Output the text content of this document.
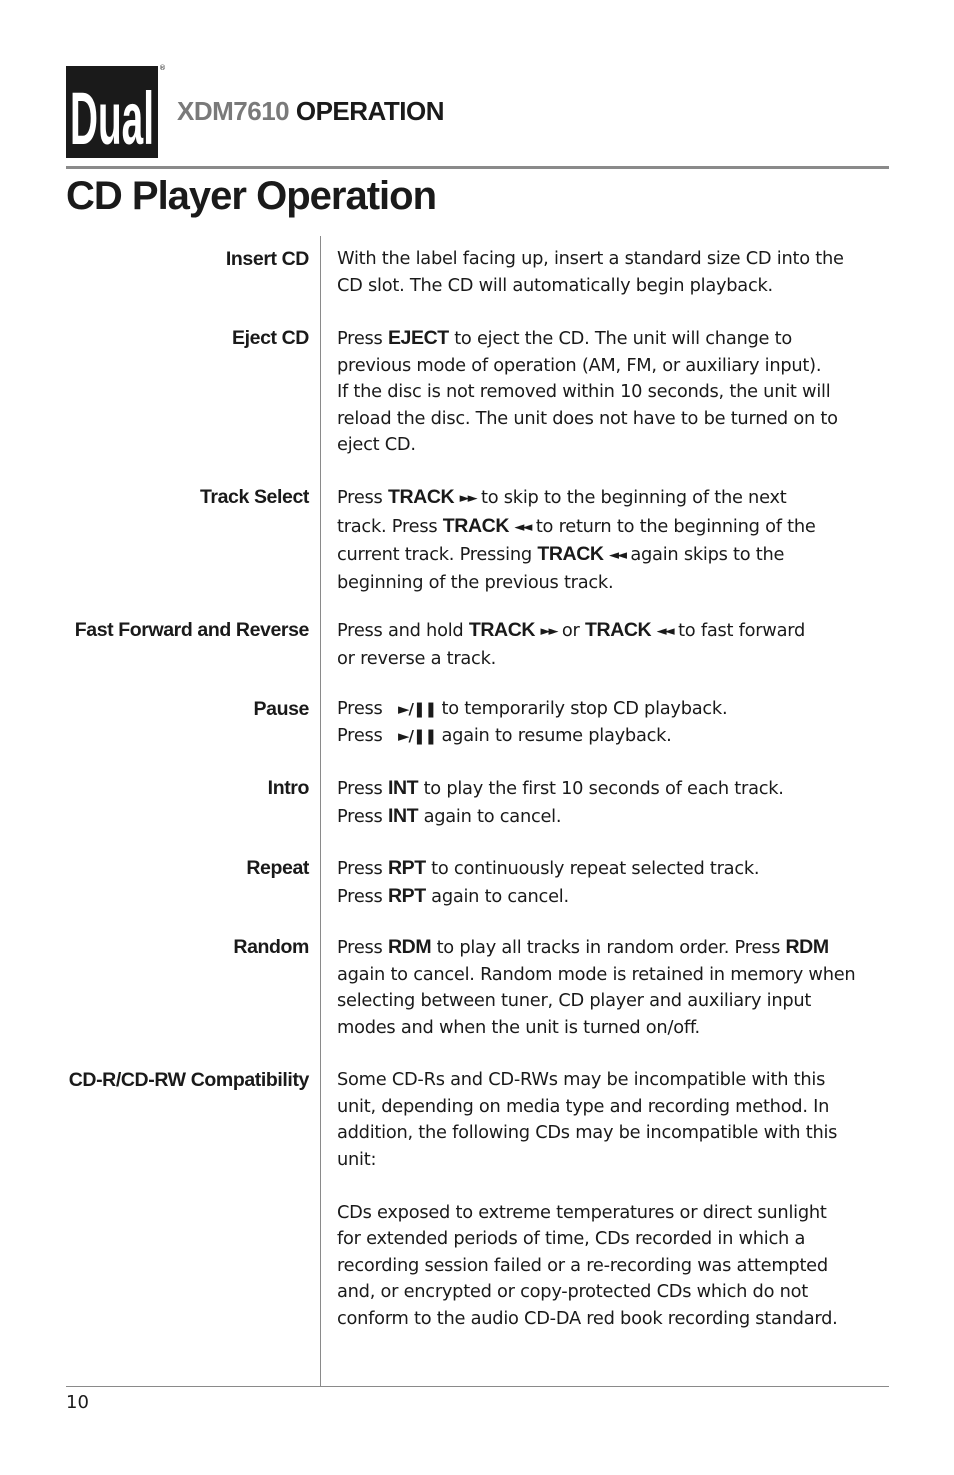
Dual
®
XDM7610 OPERATION
CD Player Operation
Insert CD With the label facing up, insert a standard size CD into the
CD slot. The CD will automatically begin playback.
Eject CD Press EJECT to eject the CD. The unit will change to
previous mode of operation (AM, FM, or auxiliary input).
If the disc is not removed within 10 seconds, the unit will
reload the disc. The unit does not have to be turned on to
eject CD.
Track Select Press TRACK ►► to skip to the beginning of the next
track. Press TRACK ◄◄ to return to the beginning of the
current track. Pressing TRACK ◄◄ again skips to the
beginning of the previous track.
Fast Forward and Reverse Press and hold TRACK ►► or TRACK ◄◄ to fast forward
or reverse a track.
Pause Press ►/❚❚ to temporarily stop CD playback.
Press ►/❚❚ again to resume playback.
Intro Press INT to play the first 10 seconds of each track.
Press INT again to cancel.
Repeat Press RPT to continuously repeat selected track.
Press RPT again to cancel.
Random Press RDM to play all tracks in random order. Press RDM
again to cancel. Random mode is retained in memory when
selecting between tuner, CD player and auxiliary input
modes and when the unit is turned on/off.
CD-R/CD-RW Compatibility Some CD-Rs and CD-RWs may be incompatible with this
unit, depending on media type and recording method. In
addition, the following CDs may be incompatible with this
unit:
CDs exposed to extreme temperatures or direct sunlight
for extended periods of time, CDs recorded in which a
recording session failed or a re-recording was attempted
and, or encrypted or copy-protected CDs which do not
conform to the audio CD-DA red book recording standard.
10
